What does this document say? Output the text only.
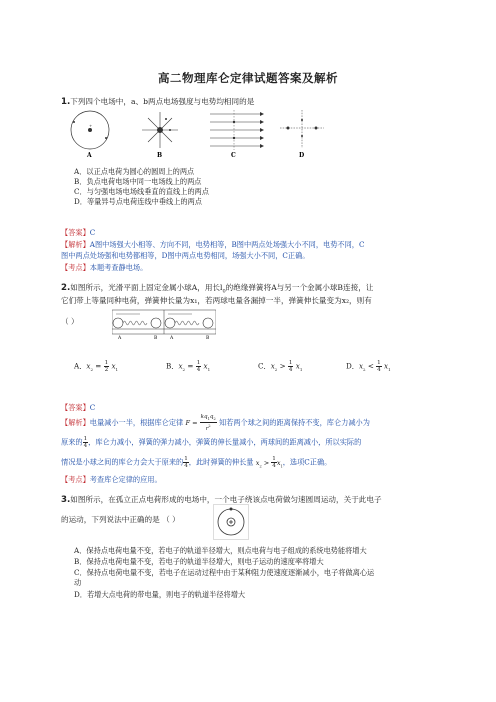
高二物理库仑定律试题答案及解析
1.下列四个电场中，a、b两点电场强度与电势均相同的是
+
A	B	C	D
A．以正点电荷为圆心的圆周上的两点
B．负点电荷电场中同一电场线上的两点
C．与匀强电场电场线垂直的直线上的两点
D．等量异号点电荷连线中垂线上的两点
【答案】C
【解析】A图中场强大小相等、方向不同，电势相等，B图中两点处场强大小不同，电势不同，C
图中两点处场强和电势都相等，D图中两点电势相同，场强大小不同，C正确。
【考点】本题考查静电场。
2.如图所示，光滑平面上固定金属小球A，用长$l_0$的绝缘弹簧将A与另一个金属小球B连接，让
它们带上等量同种电荷，弹簧伸长量为x₁，若两球电量各漏掉一半，弹簧伸长量变为x₂，则有
（ ）
A	B	A	B
A．$x_2 = \frac{1}{2} x_1$	B．$x_2 = \frac{1}{4} x_1$	C．$x_2 > \frac{1}{4} x_1$	D．$x_2 < \frac{1}{4} x_1$
【答案】C
【解析】电量减小一半，根据库仑定律 $F = \frac{kq_1q_2}{r^2}$ 知若两个球之间的距离保持不变，库仑力减小为
原来的 $\frac{1}{4}$ ，库仑力减小，弹簧的弹力减小，弹簧的伸长量减小，两球间的距离减小，所以实际的
情况是小球之间的库仑力会大于原来的 $\frac{1}{4}$ ，此时弹簧的伸长量 $x_2 > \frac{1}{4} x_1$，选项C正确。
【考点】考查库仑定律的应用。
3.如图所示，在孤立正点电荷形成的电场中，一个电子绕该点电荷做匀速圆周运动，关于此电子
的运动，下列说法中正确的是 （ ）
A．保持点电荷电量不变，若电子的轨道半径增大，则点电荷与电子组成的系统电势能将增大
B．保持点电荷电量不变，若电子的轨道半径增大，则电子运动的速度率将增大
C．保持点电荷电量不变，若电子在运动过程中由于某种阻力使速度逐渐减小，电子将做离心运
动
D．若增大点电荷的带电量，则电子的轨道半径将增大
